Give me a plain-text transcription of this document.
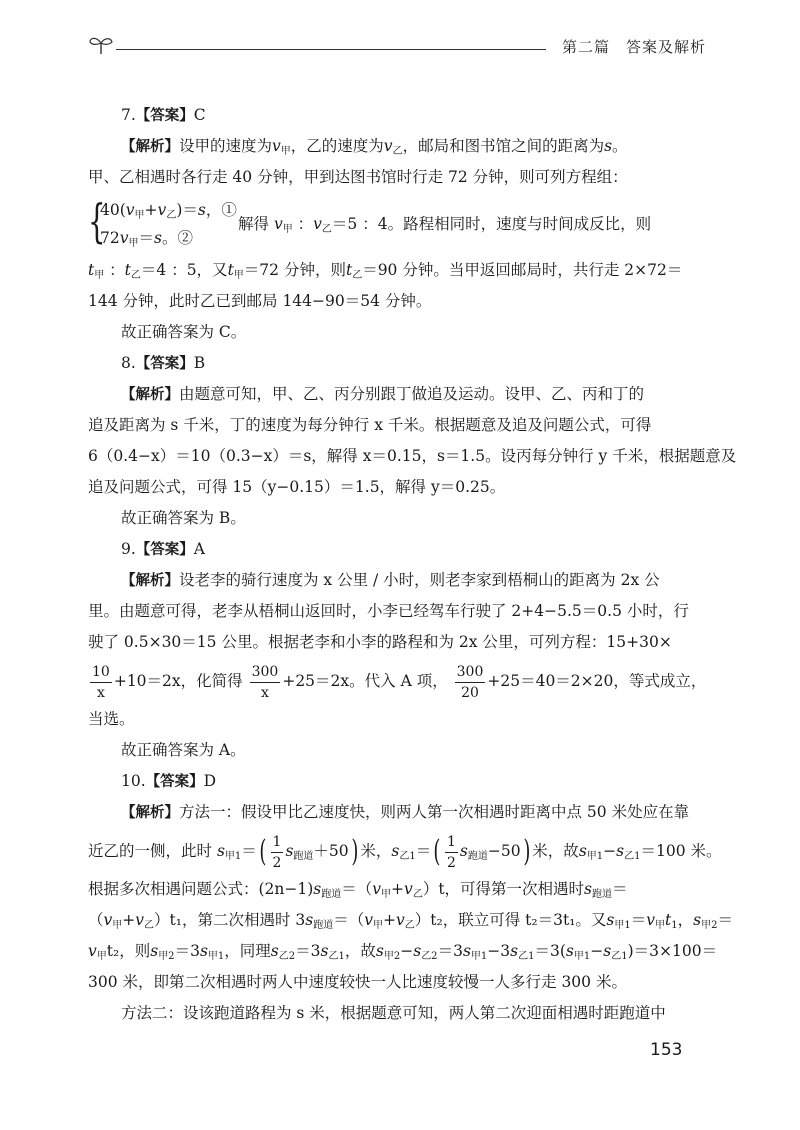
第二篇　答案及解析
7.【答案】C
【解析】设甲的速度为$v_甲$，乙的速度为$v_乙$，邮局和图书馆之间的距离为s。
甲、乙相遇时各行走 40 分钟，甲到达图书馆时行走 72 分钟，则可列方程组：
{
$40(v_甲+v_乙)=s$，①
$72v_甲=s$。②
解得 $v_甲$ ：$v_乙=5$ ：4。路程相同时，速度与时间成反比，则
$t_甲$ ：$t_乙=4$ ：5，又$t_甲=72$ 分钟，则$t_乙=90$ 分钟。当甲返回邮局时，共行走 2×72＝
144 分钟，此时乙已到邮局 144−90＝54 分钟。
故正确答案为 C。
8.【答案】B
【解析】由题意可知，甲、乙、丙分别跟丁做追及运动。设甲、乙、丙和丁的
追及距离为 s 千米，丁的速度为每分钟行 x 千米。根据题意及追及问题公式，可得
6（0.4−x）＝10（0.3−x）＝s，解得 x＝0.15，s＝1.5。设丙每分钟行 y 千米，根据题意及
追及问题公式，可得 15（y−0.15）＝1.5，解得 y＝0.25。
故正确答案为 B。
9.【答案】A
【解析】设老李的骑行速度为 x 公里 / 小时，则老李家到梧桐山的距离为 2x 公
里。由题意可得，老李从梧桐山返回时，小李已经驾车行驶了 2+4−5.5＝0.5 小时，行
驶了 0.5×30＝15 公里。根据老李和小李的路程和为 2x 公里，可列方程：15+30×
$\frac{10}{x} +10=2x$，化简得 $\frac{300}{x} +25=2x$。代入 A 项， $\frac{300}{20} +25=40=2\times 20$，等式成立，
当选。
故正确答案为 A。
10.【答案】D
【解析】方法一：假设甲比乙速度快，则两人第一次相遇时距离中点 50 米处应在靠
近乙的一侧，此时 $s_{甲1}=( \frac{1}{2} s_{跑道}+50)$ 米，$s_{乙1}=( \frac{1}{2} s_{跑道}-50)$ 米，故$s_{甲1}-s_{乙1}=100$ 米。
根据多次相遇问题公式：$(2n-1)s_{跑道}=(v_甲+v_乙)t$，可得第一次相遇时$s_{跑道}=$
$(v_甲+v_乙)t_1$，第二次相遇时 $3s_{跑道}=(v_甲+v_乙)t_2$，联立可得 t₂＝3t₁。又$s_{甲1}=v_甲t_1$，$s_{甲2}=$
$v_甲t_2$，则$s_{甲2}=3s_{甲1}$，同理$s_{乙2}=3s_{乙1}$，故$s_{甲2}-s_{乙2}=3s_{甲1}-3s_{乙1}=3(s_{甲1}-s_{乙1})=3\times 100=$
300 米，即第二次相遇时两人中速度较快一人比速度较慢一人多行走 300 米。
方法二：设该跑道路程为 s 米，根据题意可知，两人第二次迎面相遇时距跑道中
153
